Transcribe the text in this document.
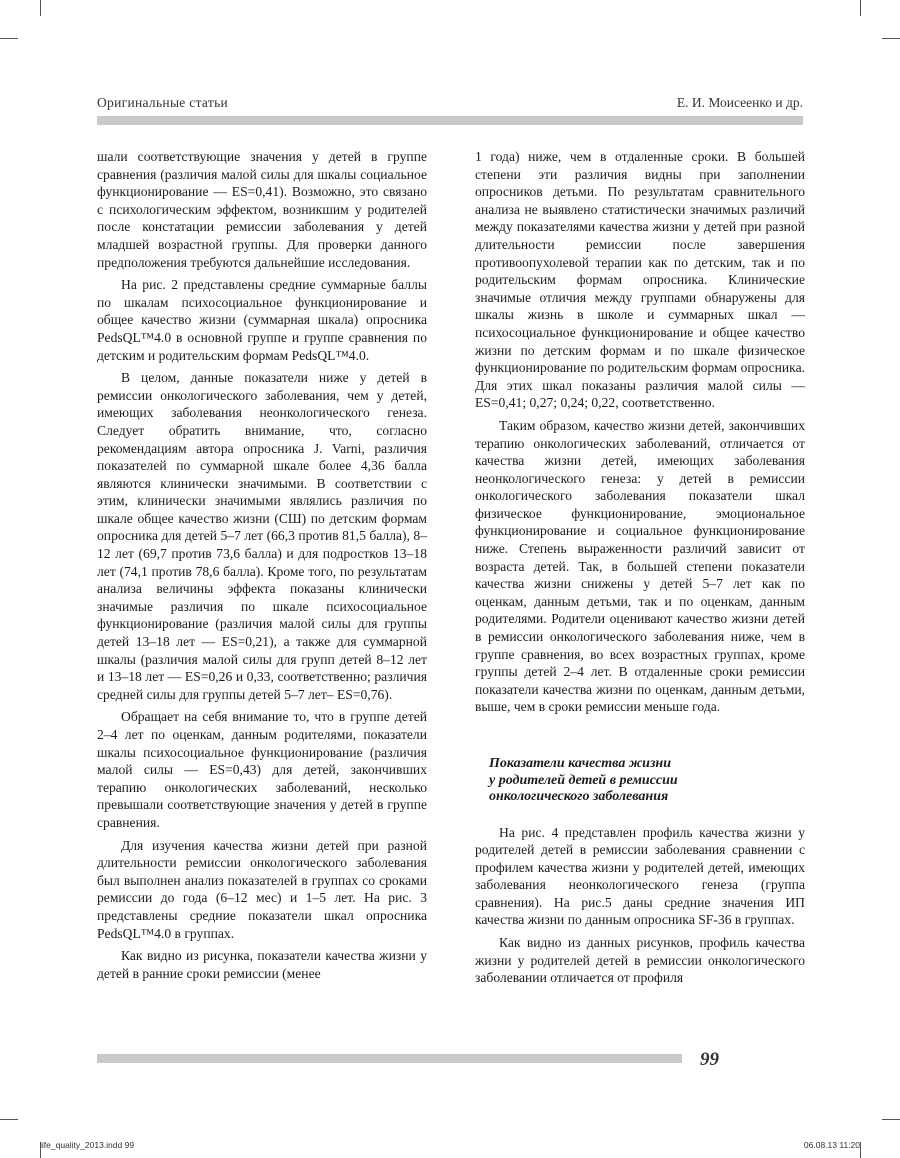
Оригинальные статьи	Е. И. Моисеенко и др.

шали соответствующие значения у детей в группе сравнения (различия малой силы для шкалы социальное функционирование — ES=0,41). Возможно, это связано с психологическим эффектом, возникшим у родителей после констатации ремиссии заболевания у детей младшей возрастной группы. Для проверки данного предположения требуются дальнейшие исследования.

На рис. 2 представлены средние суммарные баллы по шкалам психосоциальное функционирование и общее качество жизни (суммарная шкала) опросника PedsQL™4.0 в основной группе и группе сравнения по детским и родительским формам PedsQL™4.0.

В целом, данные показатели ниже у детей в ремиссии онкологического заболевания, чем у детей, имеющих заболевания неонкологического генеза. Следует обратить внимание, что, согласно рекомендациям автора опросника J. Varni, различия показателей по суммарной шкале более 4,36 балла являются клинически значимыми. В соответствии с этим, клинически значимыми являлись различия по шкале общее качество жизни (СШ) по детским формам опросника для детей 5–7 лет (66,3 против 81,5 балла), 8–12 лет (69,7 против 73,6 балла) и для подростков 13–18 лет (74,1 против 78,6 балла). Кроме того, по результатам анализа величины эффекта показаны клинически значимые различия по шкале психосоциальное функционирование (различия малой силы для группы детей 13–18 лет — ES=0,21), а также для суммарной шкалы (различия малой силы для групп детей 8–12 лет и 13–18 лет — ES=0,26 и 0,33, соответственно; различия средней силы для группы детей 5–7 лет– ES=0,76).

Обращает на себя внимание то, что в группе детей 2–4 лет по оценкам, данным родителями, показатели шкалы психосоциальное функционирование (различия малой силы — ES=0,43) для детей, закончивших терапию онкологических заболеваний, несколько превышали соответствующие значения у детей в группе сравнения.

Для изучения качества жизни детей при разной длительности ремиссии онкологического заболевания был выполнен анализ показателей в группах со сроками ремиссии до года (6–12 мес) и 1–5 лет. На рис. 3 представлены средние показатели шкал опросника PedsQL™4.0 в группах.

Как видно из рисунка, показатели качества жизни у детей в ранние сроки ремиссии (менее

1 года) ниже, чем в отдаленные сроки. В большей степени эти различия видны при заполнении опросников детьми. По результатам сравнительного анализа не выявлено статистически значимых различий между показателями качества жизни у детей при разной длительности ремиссии после завершения противоопухолевой терапии как по детским, так и по родительским формам опросника. Клинические значимые отличия между группами обнаружены для шкалы жизнь в школе и суммарных шкал — психосоциальное функционирование и общее качество жизни по детским формам и по шкале физическое функционирование по родительским формам опросника. Для этих шкал показаны различия малой силы — ES=0,41; 0,27; 0,24; 0,22, соответственно.

Таким образом, качество жизни детей, закончивших терапию онкологических заболеваний, отличается от качества жизни детей, имеющих заболевания неонкологического генеза: у детей в ремиссии онкологического заболевания показатели шкал физическое функционирование, эмоциональное функционирование и социальное функционирование ниже. Степень выраженности различий зависит от возраста детей. Так, в большей степени показатели качества жизни снижены у детей 5–7 лет как по оценкам, данным детьми, так и по оценкам, данным родителями. Родители оценивают качество жизни детей в ремиссии онкологического заболевания ниже, чем в группе сравнения, во всех возрастных группах, кроме группы детей 2–4 лет. В отдаленные сроки ремиссии показатели качества жизни по оценкам, данным детьми, выше, чем в сроки ремиссии меньше года.

Показатели качества жизни
у родителей детей в ремиссии
онкологического заболевания

На рис. 4 представлен профиль качества жизни у родителей детей в ремиссии заболевания сравнении с профилем качества жизни у родителей детей, имеющих заболевания неонкологического генеза (группа сравнения). На рис.5 даны средние значения ИП качества жизни по данным опросника SF-36 в группах.

Как видно из данных рисунков, профиль качества жизни у родителей детей в ремиссии онкологического заболевании отличается от профиля

99
life_quality_2013.indd 99	06.08.13 11:20
